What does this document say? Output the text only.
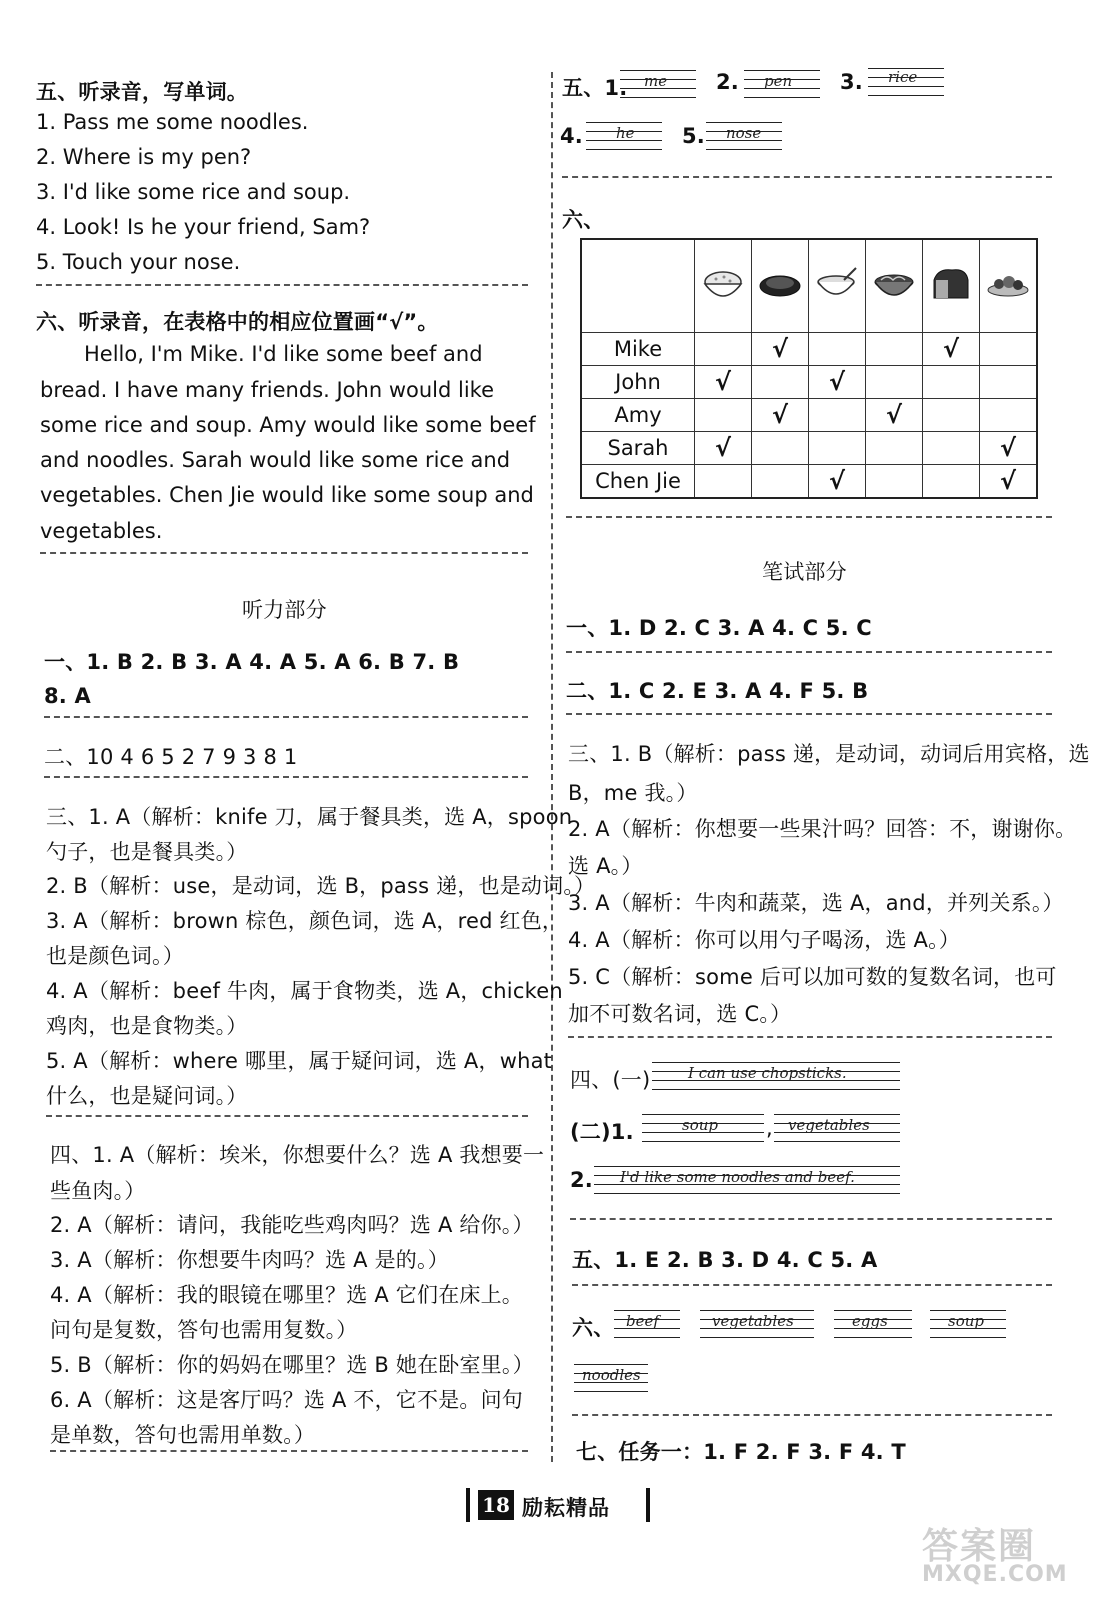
五、听录音，写单词。
1. Pass me some noodles.
2. Where is my pen?
3. I'd like some rice and soup.
4. Look! Is he your friend, Sam?
5. Touch your nose.
六、听录音，在表格中的相应位置画“√”。
Hello, I'm Mike. I'd like some beef and
bread. I have many friends. John would like
some rice and soup. Amy would like some beef
and noodles. Sarah would like some rice and
vegetables. Chen Jie would like some soup and
vegetables.
听力部分
一、1. B 2. B 3. A 4. A 5. A 6. B 7. B
8. A
二、10 4 6 5 2 7 9 3 8 1
三、1. A（解析：knife 刀，属于餐具类，选 A，spoon
勺子，也是餐具类。）
2. B（解析：use，是动词，选 B，pass 递，也是动词。）
3. A（解析：brown 棕色，颜色词，选 A，red 红色，
也是颜色词。）
4. A（解析：beef 牛肉，属于食物类，选 A，chicken
鸡肉，也是食物类。）
5. A（解析：where 哪里，属于疑问词，选 A，what
什么，也是疑问词。）
四、1. A（解析：埃米，你想要什么？选 A 我想要一
些鱼肉。）
2. A（解析：请问，我能吃些鸡肉吗？选 A 给你。）
3. A（解析：你想要牛肉吗？选 A 是的。）
4. A（解析：我的眼镜在哪里？选 A 它们在床上。
问句是复数，答句也需用复数。）
5. B（解析：你的妈妈在哪里？选 B 她在卧室里。）
6. A（解析：这是客厅吗？选 A 不，它不是。问句
是单数，答句也需用单数。）
五、1. me 2. pen 3. rice
4. he 5. nose
六、

Mike		√			√	
John	√		√			
Amy		√		√		
Sarah	√					√
Chen Jie			√			√
笔试部分
一、1. D 2. C 3. A 4. C 5. C
二、1. C 2. E 3. A 4. F 5. B
三、1. B（解析：pass 递，是动词，动词后用宾格，选
B，me 我。）
2. A（解析：你想要一些果汁吗？回答：不，谢谢你。
选 A。）
3. A（解析：牛肉和蔬菜，选 A，and，并列关系。）
4. A（解析：你可以用勺子喝汤，选 A。）
5. C（解析：some 后可以加可数的复数名词，也可
加不可数名词，选 C。）
四、(一)	I can use chopsticks.
(二)1.	soup , vegetables
2. I'd like some noodles and beef.
五、1. E 2. B 3. D 4. C 5. A
六、 beef	vegetables	eggs	soup
noodles
七、任务一：1. F 2. F 3. F 4. T
18 励耘精品
答案圈
MXQE.COM
